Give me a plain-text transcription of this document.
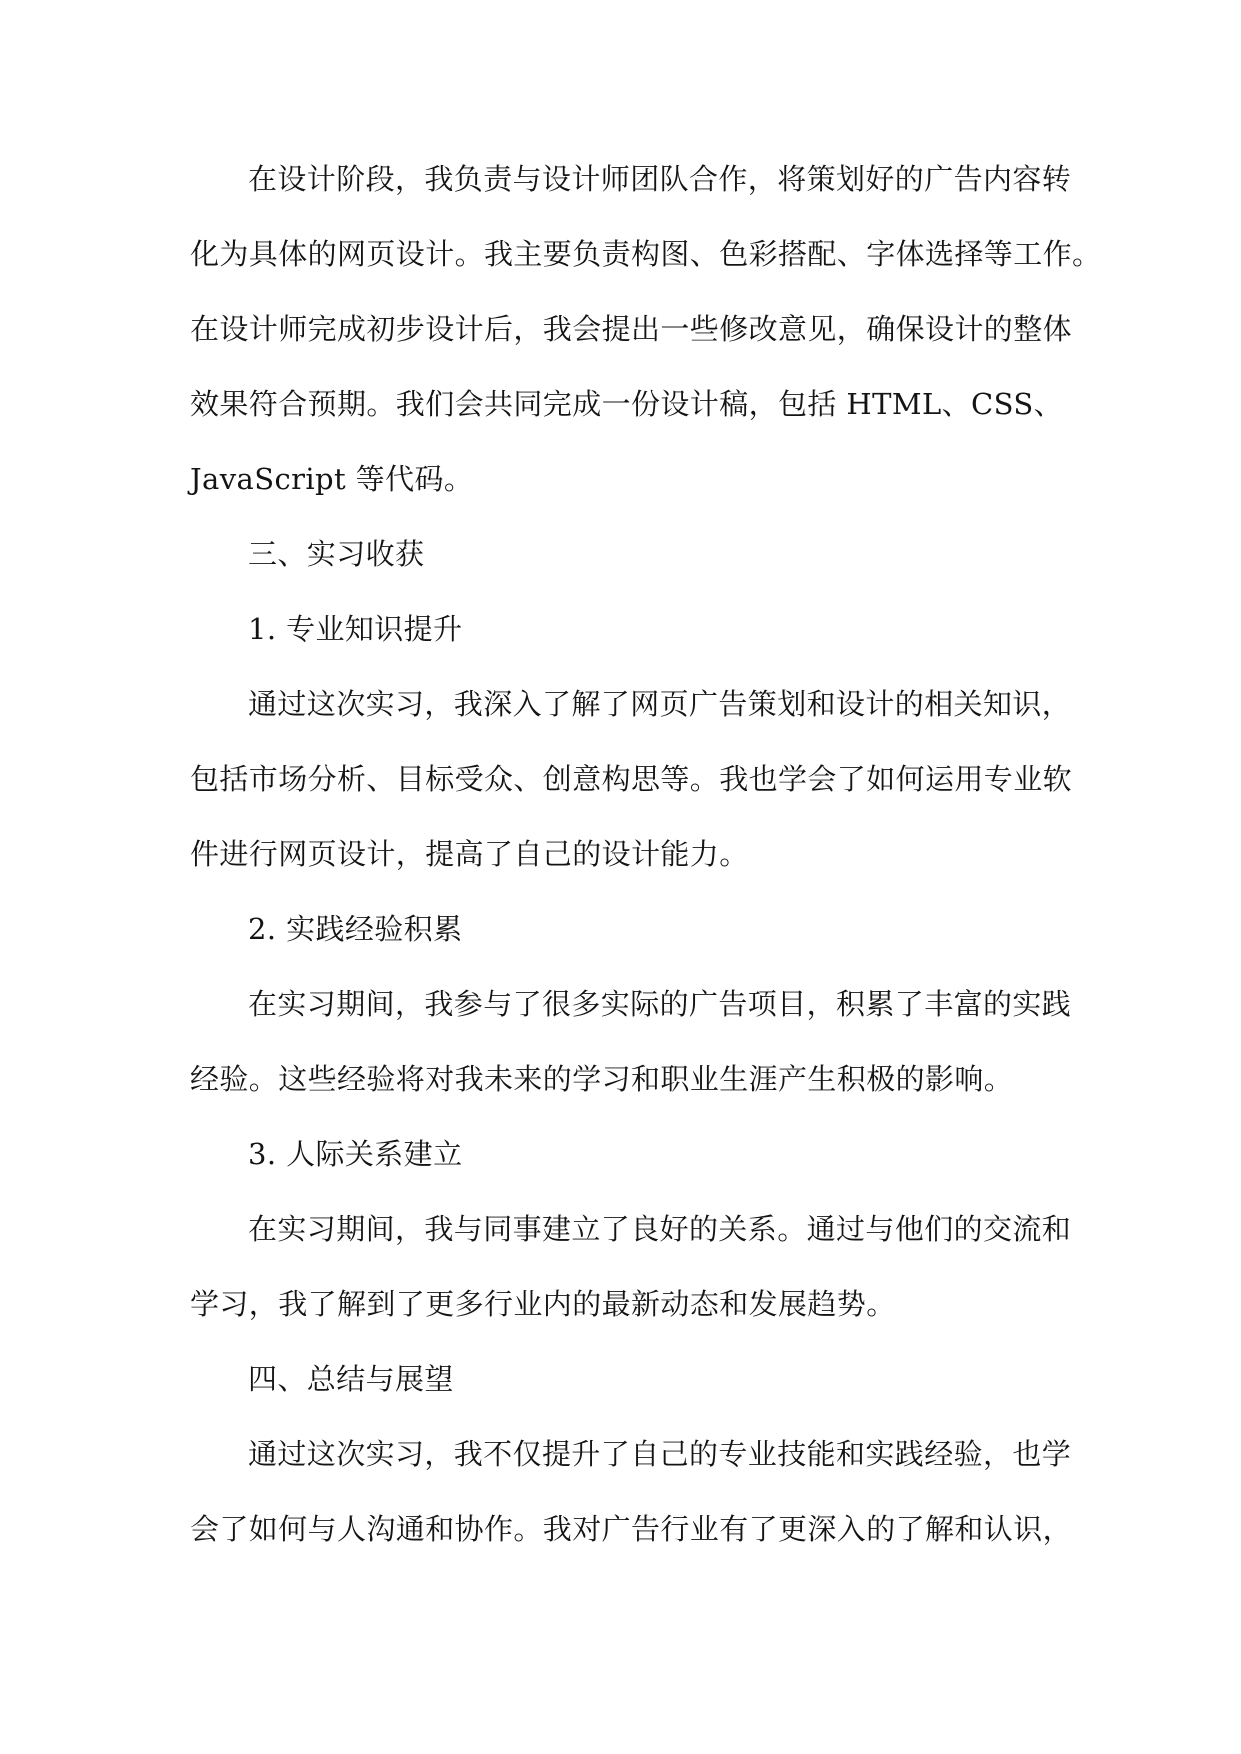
在设计阶段，我负责与设计师团队合作，将策划好的广告内容转
化为具体的网页设计。我主要负责构图、色彩搭配、字体选择等工作。
在设计师完成初步设计后，我会提出一些修改意见，确保设计的整体
效果符合预期。我们会共同完成一份设计稿，包括 HTML、CSS、
JavaScript 等代码。
三、实习收获
1. 专业知识提升
通过这次实习，我深入了解了网页广告策划和设计的相关知识，
包括市场分析、目标受众、创意构思等。我也学会了如何运用专业软
件进行网页设计，提高了自己的设计能力。
2. 实践经验积累
在实习期间，我参与了很多实际的广告项目，积累了丰富的实践
经验。这些经验将对我未来的学习和职业生涯产生积极的影响。
3. 人际关系建立
在实习期间，我与同事建立了良好的关系。通过与他们的交流和
学习，我了解到了更多行业内的最新动态和发展趋势。
四、总结与展望
通过这次实习，我不仅提升了自己的专业技能和实践经验，也学
会了如何与人沟通和协作。我对广告行业有了更深入的了解和认识，
